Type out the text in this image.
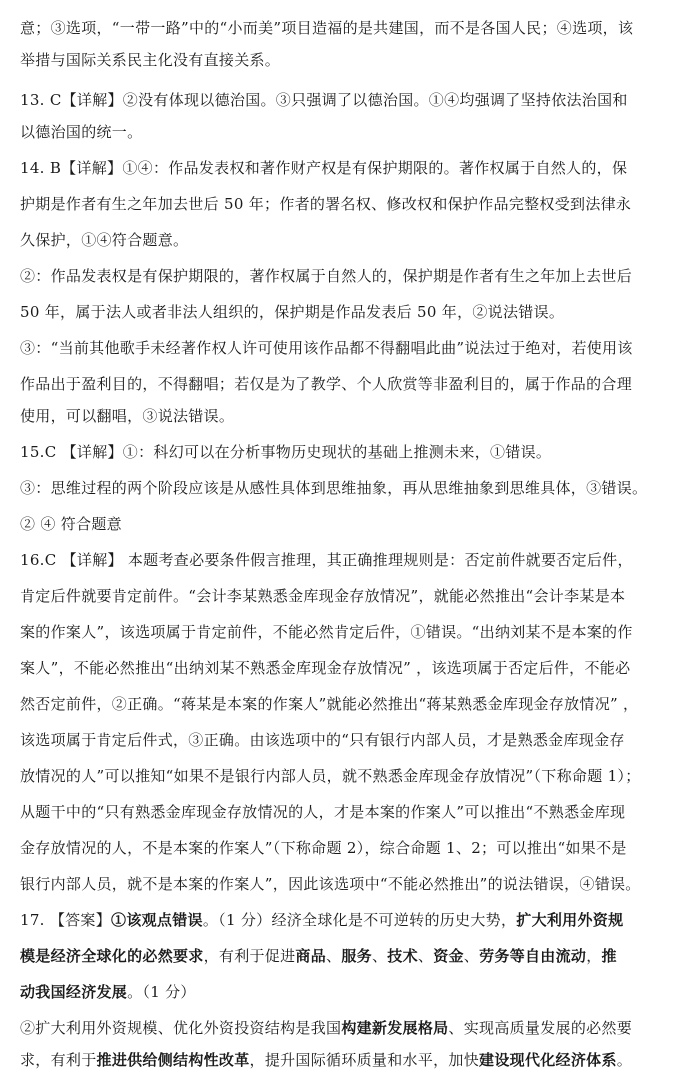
意；③选项，“一带一路”中的“小而美”项目造福的是共建国，而不是各国人民；④选项，该
举措与国际关系民主化没有直接关系。
13. C【详解】②没有体现以德治国。③只强调了以德治国。①④均强调了坚持依法治国和
以德治国的统一。
14. B【详解】①④：作品发表权和著作财产权是有保护期限的。著作权属于自然人的，保
护期是作者有生之年加去世后 50 年；作者的署名权、修改权和保护作品完整权受到法律永
久保护，①④符合题意。
②：作品发表权是有保护期限的，著作权属于自然人的，保护期是作者有生之年加上去世后
50 年，属于法人或者非法人组织的，保护期是作品发表后 50 年，②说法错误。
③：“当前其他歌手未经著作权人许可使用该作品都不得翻唱此曲”说法过于绝对，若使用该
作品出于盈利目的，不得翻唱；若仅是为了教学、个人欣赏等非盈利目的，属于作品的合理
使用，可以翻唱，③说法错误。
15.C 【详解】①：科幻可以在分析事物历史现状的基础上推测未来，①错误。
③：思维过程的两个阶段应该是从感性具体到思维抽象，再从思维抽象到思维具体，③错误。
② ④ 符合题意
16.C 【详解】 本题考查必要条件假言推理，其正确推理规则是：否定前件就要否定后件，
肯定后件就要肯定前件。“会计李某熟悉金库现金存放情况”，就能必然推出“会计李某是本
案的作案人”，该选项属于肯定前件，不能必然肯定后件，①错误。“出纳刘某不是本案的作
案人”，不能必然推出“出纳刘某不熟悉金库现金存放情况” ，该选项属于否定后件，不能必
然否定前件，②正确。“蒋某是本案的作案人”就能必然推出“蒋某熟悉金库现金存放情况” ，
该选项属于肯定后件式，③正确。由该选项中的“只有银行内部人员，才是熟悉金库现金存
放情况的人”可以推知“如果不是银行内部人员，就不熟悉金库现金存放情况”（下称命题 1）；
从题干中的“只有熟悉金库现金存放情况的人，才是本案的作案人”可以推出“不熟悉金库现
金存放情况的人，不是本案的作案人”（下称命题 2），综合命题 1、2；可以推出“如果不是
银行内部人员，就不是本案的作案人”，因此该选项中“不能必然推出”的说法错误，④错误。
17. 【答案】①该观点错误。（1 分）经济全球化是不可逆转的历史大势，扩大利用外资规
模是经济全球化的必然要求，有利于促进商品、服务、技术、资金、劳务等自由流动，推
动我国经济发展。（1 分）
②扩大利用外资规模、优化外资投资结构是我国构建新发展格局、实现高质量发展的必然要
求，有利于推进供给侧结构性改革，提升国际循环质量和水平，加快建设现代化经济体系。
